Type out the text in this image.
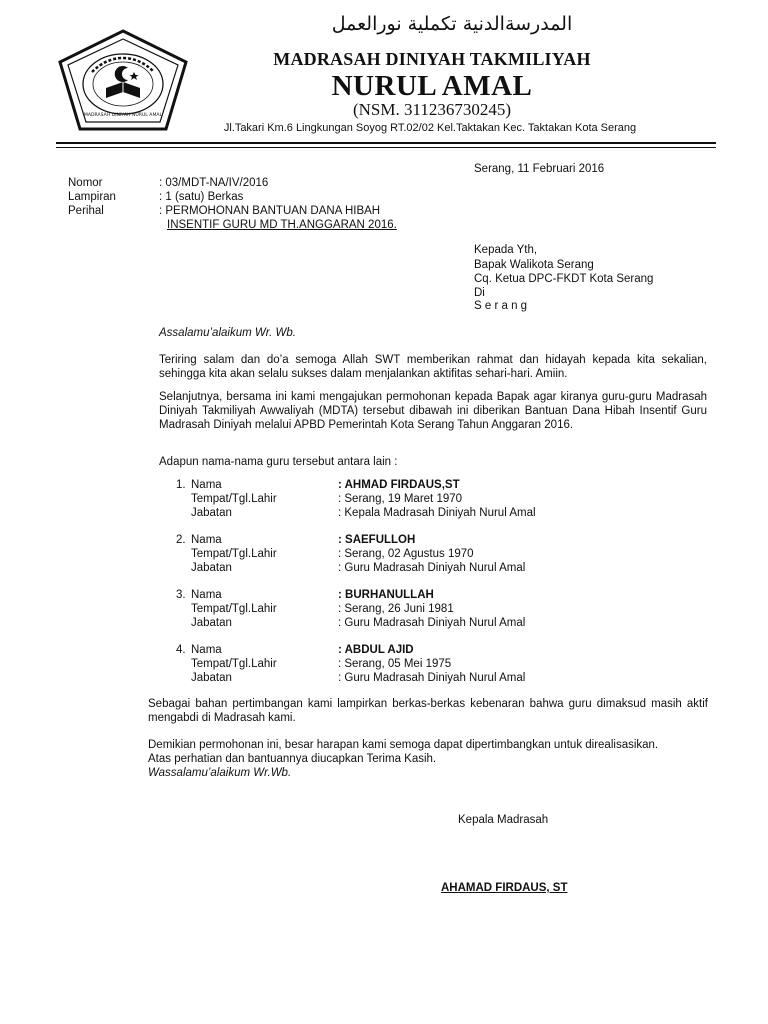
MADRASAH DINIYAH NURUL AMAL
المدرسةالدنية تكملية نورالعمل
MADRASAH DINIYAH TAKMILIYAH
NURUL AMAL
(NSM. 311236730245)
Jl.Takari Km.6 Lingkungan Soyog RT.02/02 Kel.Taktakan Kec. Taktakan Kota Serang
Serang, 11 Februari 2016
Nomor	: 03/MDT-NA/IV/2016
Lampiran	: 1 (satu) Berkas
Perihal	: PERMOHONAN BANTUAN DANA HIBAH
INSENTIF GURU MD TH.ANGGARAN 2016.
Kepada Yth,
Bapak Walikota Serang
Cq. Ketua DPC-FKDT Kota Serang
Di
S e r a n g
Assalamu’alaikum Wr. Wb.
Teriring salam dan do’a semoga Allah SWT memberikan rahmat dan hidayah kepada kita sekalian, sehingga kita akan selalu sukses dalam menjalankan aktifitas sehari-hari. Amiin.
Selanjutnya, bersama ini kami mengajukan permohonan kepada Bapak agar kiranya guru-guru Madrasah Diniyah Takmiliyah Awwaliyah (MDTA) tersebut dibawah ini diberikan Bantuan Dana Hibah Insentif Guru Madrasah Diniyah melalui APBD Pemerintah Kota Serang Tahun Anggaran 2016.
Adapun nama-nama guru tersebut antara lain :
1. Nama	: AHMAD FIRDAUS,ST
Tempat/Tgl.Lahir	: Serang, 19 Maret 1970
Jabatan	: Kepala Madrasah Diniyah Nurul Amal
2. Nama	: SAEFULLOH
Tempat/Tgl.Lahir	: Serang, 02 Agustus 1970
Jabatan	: Guru Madrasah Diniyah Nurul Amal
3. Nama	: BURHANULLAH
Tempat/Tgl.Lahir	: Serang, 26 Juni 1981
Jabatan	: Guru Madrasah Diniyah Nurul Amal
4. Nama	: ABDUL AJID
Tempat/Tgl.Lahir	: Serang, 05 Mei 1975
Jabatan	: Guru Madrasah Diniyah Nurul Amal
Sebagai bahan pertimbangan kami lampirkan berkas-berkas kebenaran bahwa guru dimaksud masih aktif mengabdi di Madrasah kami.
Demikian permohonan ini, besar harapan kami semoga dapat dipertimbangkan untuk direalisasikan.
Atas perhatian dan bantuannya diucapkan Terima Kasih.
Wassalamu’alaikum Wr.Wb.
Kepala Madrasah
AHAMAD FIRDAUS, ST
